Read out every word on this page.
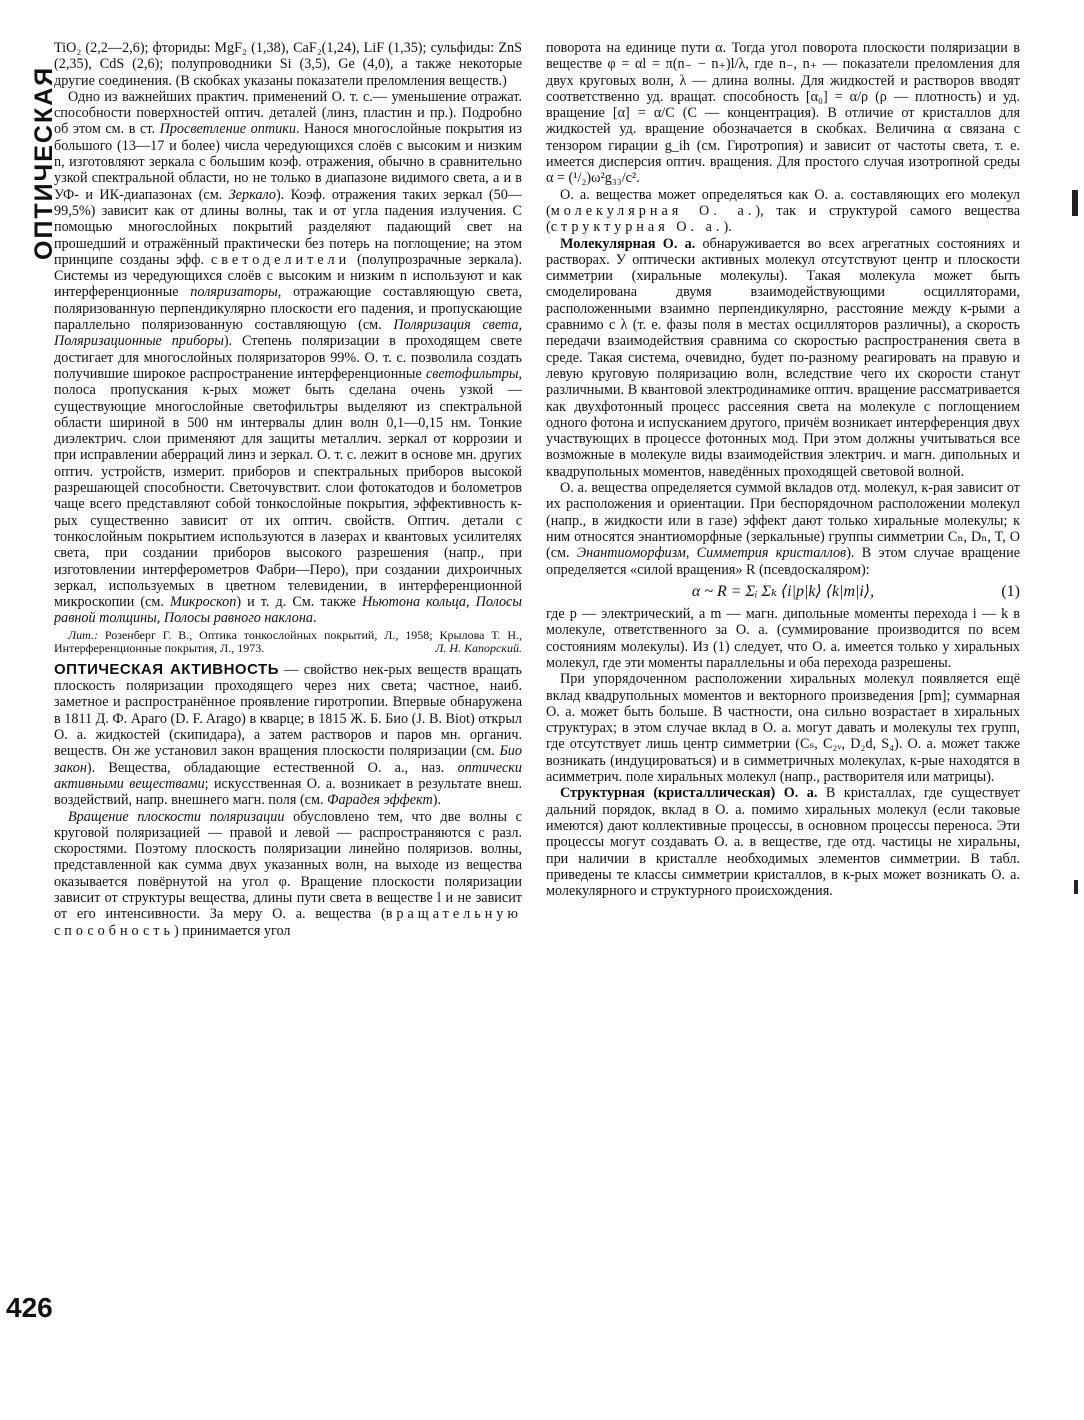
ОПТИЧЕСКАЯ
426

TiO₂ (2,2—2,6); фториды: MgF₂ (1,38), CaF₂(1,24), LiF (1,35); сульфиды: ZnS (2,35), CdS (2,6); полупроводники Si (3,5), Ge (4,0), а также некоторые другие соединения. (В скобках указаны показатели преломления веществ.)

Одно из важнейших практич. применений О. т. с.— уменьшение отражат. способности поверхностей оптич. деталей (линз, пластин и пр.). Подробно об этом см. в ст. Просветление оптики. Нанося многослойные покрытия из большого (13—17 и более) числа чередующихся слоёв с высоким и низким n, изготовляют зеркала с большим коэф. отражения, обычно в сравнительно узкой спектральной области, но не только в диапазоне видимого света, а и в УФ- и ИК-диапазонах (см. Зеркало). Коэф. отражения таких зеркал (50—99,5%) зависит как от длины волны, так и от угла падения излучения. С помощью многослойных покрытий разделяют падающий свет на прошедший и отражённый практически без потерь на поглощение; на этом принципе созданы эфф. светоделители (полупрозрачные зеркала). Системы из чередующихся слоёв с высоким и низким n используют и как интерференционные поляризаторы, отражающие составляющую света, поляризованную перпендикулярно плоскости его падения, и пропускающие параллельно поляризованную составляющую (см. Поляризация света, Поляризационные приборы). Степень поляризации в проходящем свете достигает для многослойных поляризаторов 99%. О. т. с. позволила создать получившие широкое распространение интерференционные светофильтры, полоса пропускания к-рых может быть сделана очень узкой — существующие многослойные светофильтры выделяют из спектральной области шириной в 500 нм интервалы длин волн 0,1—0,15 нм. Тонкие диэлектрич. слои применяют для защиты металлич. зеркал от коррозии и при исправлении аберраций линз и зеркал. О. т. с. лежит в основе мн. других оптич. устройств, измерит. приборов и спектральных приборов высокой разрешающей способности. Светочувствит. слои фотокатодов и болометров чаще всего представляют собой тонкослойные покрытия, эффективность к-рых существенно зависит от их оптич. свойств. Оптич. детали с тонкослойным покрытием используются в лазерах и квантовых усилителях света, при создании приборов высокого разрешения (напр., при изготовлении интерферометров Фабри—Перо), при создании дихроичных зеркал, используемых в цветном телевидении, в интерференционной микроскопии (см. Микроскоп) и т. д. См. также Ньютона кольца, Полосы равной толщины, Полосы равного наклона.

Лит.: Розенберг Г. В., Оптика тонкослойных покрытий, Л., 1958; Крылова Т. Н., Интерференционные покрытия, Л., 1973.	Л. Н. Капорский.

ОПТИЧЕСКАЯ АКТИВНОСТЬ — свойство нек-рых веществ вращать плоскость поляризации проходящего через них света; частное, наиб. заметное и распространённое проявление гиротропии. Впервые обнаружена в 1811 Д. Ф. Араго (D. F. Arago) в кварце; в 1815 Ж. Б. Био (J. B. Biot) открыл О. а. жидкостей (скипидара), а затем растворов и паров мн. органич. веществ. Он же установил закон вращения плоскости поляризации (см. Био закон). Вещества, обладающие естественной О. а., наз. оптически активными веществами; искусственная О. а. возникает в результате внеш. воздействий, напр. внешнего магн. поля (см. Фарадея эффект).

Вращение плоскости поляризации обусловлено тем, что две волны с круговой поляризацией — правой и левой — распространяются с разл. скоростями. Поэтому плоскость поляризации линейно поляризов. волны, представленной как сумма двух указанных волн, на выходе из вещества оказывается повёрнутой на угол φ. Вращение плоскости поляризации зависит от структуры вещества, длины пути света в веществе l и не зависит от его интенсивности. За меру О. а. вещества (вращательную способность) принимается угол

поворота на единице пути α. Тогда угол поворота плоскости поляризации в веществе φ = αl = π(n₋ − n₊)l/λ, где n₋, n₊ — показатели преломления для двух круговых волн, λ — длина волны. Для жидкостей и растворов вводят соответственно уд. вращат. способность [α₀] = α/ρ (ρ — плотность) и уд. вращение [α] = α/C (C — концентрация). В отличие от кристаллов для жидкостей уд. вращение обозначается в скобках. Величина α связана с тензором гирации g_ih (см. Гиротропия) и зависит от частоты света, т. е. имеется дисперсия оптич. вращения. Для простого случая изотропной среды α = (¹/₂)ω²g₃₃/c².

О. а. вещества может определяться как О. а. составляющих его молекул (молекулярная О. а.), так и структурой самого вещества (структурная О. а.).

Молекулярная О. а. обнаруживается во всех агрегатных состояниях и растворах. У оптически активных молекул отсутствуют центр и плоскости симметрии (хиральные молекулы). Такая молекула может быть смоделирована двумя взаимодействующими осцилляторами, расположенными взаимно перпендикулярно, расстояние между к-рыми a сравнимо с λ (т. е. фазы поля в местах осцилляторов различны), а скорость передачи взаимодействия сравнима со скоростью распространения света в среде. Такая система, очевидно, будет по-разному реагировать на правую и левую круговую поляризацию волн, вследствие чего их скорости станут различными. В квантовой электродинамике оптич. вращение рассматривается как двухфотонный процесс рассеяния света на молекуле с поглощением одного фотона и испусканием другого, причём возникает интерференция двух участвующих в процессе фотонных мод. При этом должны учитываться все возможные в молекуле виды взаимодействия электрич. и магн. дипольных и квадрупольных моментов, наведённых проходящей световой волной.

О. а. вещества определяется суммой вкладов отд. молекул, к-рая зависит от их расположения и ориентации. При беспорядочном расположении молекул (напр., в жидкости или в газе) эффект дают только хиральные молекулы; к ним относятся энантиоморфные (зеркальные) группы симметрии Cₙ, Dₙ, T, O (см. Энантиоморфизм, Симметрия кристаллов). В этом случае вращение определяется «силой вращения» R (псевдоскаляром):

α ~ R = Σᵢ Σₖ ⟨i|p|k⟩ ⟨k|m|i⟩,	(1)

где p — электрический, а m — магн. дипольные моменты перехода i — k в молекуле, ответственного за О. а. (суммирование производится по всем состояниям молекулы). Из (1) следует, что О. а. имеется только у хиральных молекул, где эти моменты параллельны и оба перехода разрешены.

При упорядоченном расположении хиральных молекул появляется ещё вклад квадрупольных моментов и векторного произведения [pm]; суммарная О. а. может быть больше. В частности, она сильно возрастает в хиральных структурах; в этом случае вклад в О. а. могут давать и молекулы тех групп, где отсутствует лишь центр симметрии (Cₛ, C₂ᵥ, D₂d, S₄). О. а. может также возникать (индуцироваться) и в симметричных молекулах, к-рые находятся в асимметрич. поле хиральных молекул (напр., растворителя или матрицы).

Структурная (кристаллическая) О. а. В кристаллах, где существует дальний порядок, вклад в О. а. помимо хиральных молекул (если таковые имеются) дают коллективные процессы, в основном процессы переноса. Эти процессы могут создавать О. а. в веществе, где отд. частицы не хиральны, при наличии в кристалле необходимых элементов симметрии. В табл. приведены те классы симметрии кристаллов, в к-рых может возникать О. а. молекулярного и структурного происхождения.
